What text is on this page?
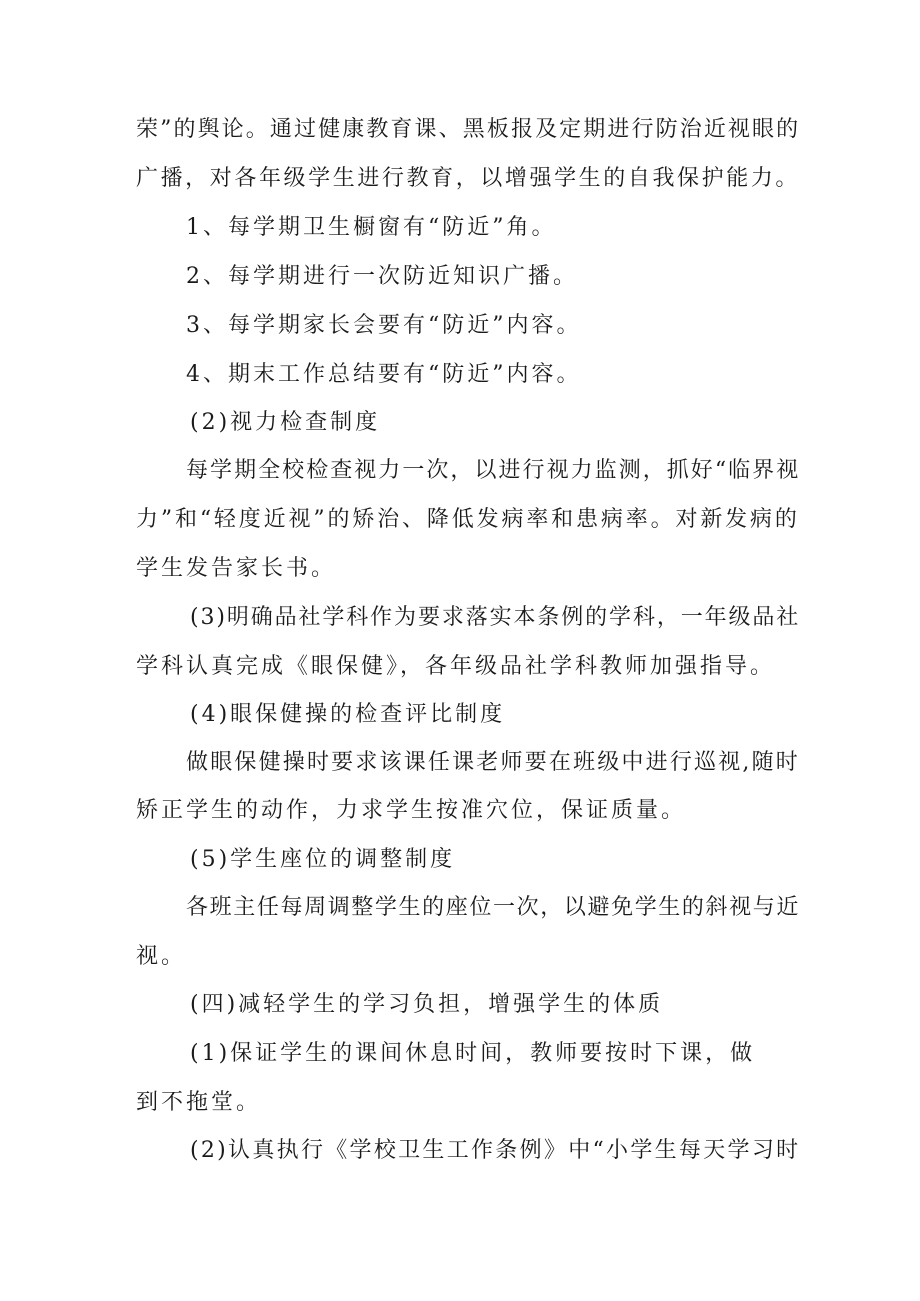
荣”的舆论。通过健康教育课、黑板报及定期进行防治近视眼的
广播，对各年级学生进行教育，以增强学生的自我保护能力。
1、每学期卫生橱窗有“防近”角。
2、每学期进行一次防近知识广播。
3、每学期家长会要有“防近”内容。
4、期末工作总结要有“防近”内容。
(2)视力检查制度
每学期全校检查视力一次，以进行视力监测，抓好“临界视
力”和“轻度近视”的矫治、降低发病率和患病率。对新发病的
学生发告家长书。
(3)明确品社学科作为要求落实本条例的学科，一年级品社
学科认真完成《眼保健》，各年级品社学科教师加强指导。
(4)眼保健操的检查评比制度
做眼保健操时要求该课任课老师要在班级中进行巡视,随时
矫正学生的动作，力求学生按准穴位，保证质量。
(5)学生座位的调整制度
各班主任每周调整学生的座位一次，以避免学生的斜视与近
视。
(四)减轻学生的学习负担，增强学生的体质
(1)保证学生的课间休息时间，教师要按时下课，做
到不拖堂。
(2)认真执行《学校卫生工作条例》中“小学生每天学习时
